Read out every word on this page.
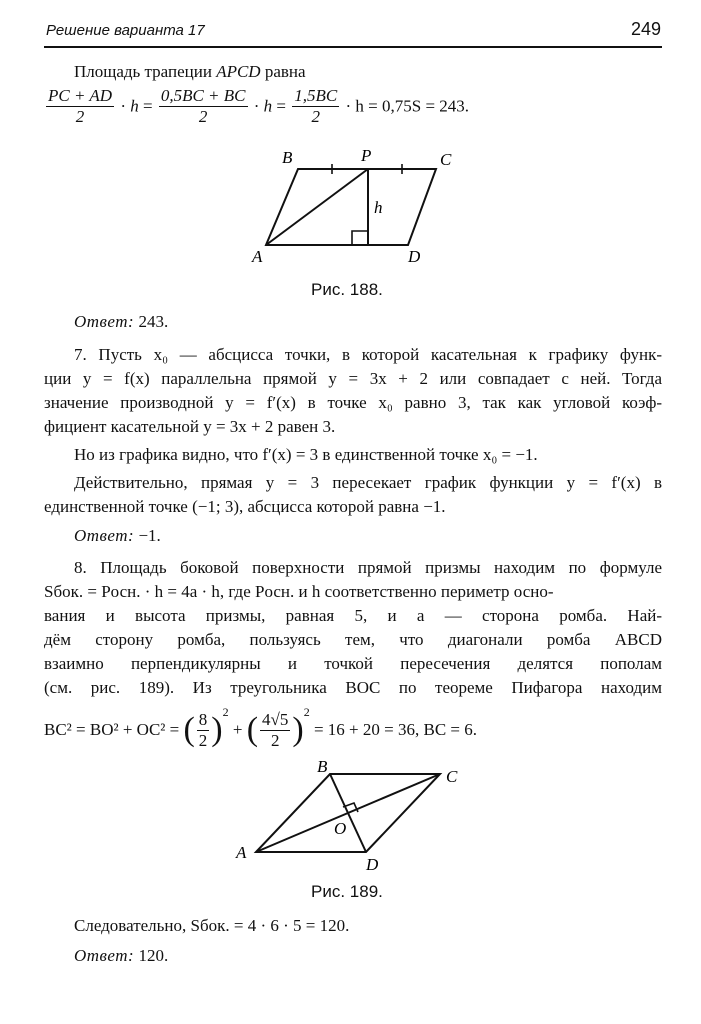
Решение варианта 17	249
Площадь трапеции APCD равна
$\frac{PC + AD}{2} \cdot h = \frac{0,5BC + BC}{2} \cdot h = \frac{1,5BC}{2} \cdot h = 0,75S = 243$.
B	P	C
A	D
h
Рис. 188.
Ответ: 243.
7. Пусть x₀ — абсцисса точки, в которой касательная к графику функ-
ции y = f(x) параллельна прямой y = 3x + 2 или совпадает с ней. Тогда
значение производной y = f′(x) в точке x₀ равно 3, так как угловой коэф-
фициент касательной y = 3x + 2 равен 3.
Но из графика видно, что f′(x) = 3 в единственной точке x₀ = −1.
Действительно, прямая y = 3 пересекает график функции y = f′(x) в
единственной точке (−1; 3), абсцисса которой равна −1.
Ответ: −1.
8. Площадь боковой поверхности прямой призмы находим по формуле
Sбок. = Pосн. · h = 4a · h, где Pосн. и h соответственно периметр осно-
вания и высота призмы, равная 5, и a — сторона ромба. Най-
дём сторону ромба, пользуясь тем, что диагонали ромба ABCD
взаимно перпендикулярны и точкой пересечения делятся пополам
(см. рис. 189). Из треугольника BOC по теореме Пифагора находим
BC² = BO² + OC² = ( $\frac{8}{2} )^2$ + ( $\frac{4√5}{2} )^2 = 16 + 20 = 36$, BC = 6.
B
C
A
D
O
Рис. 189.
Следовательно, Sбок. = 4 · 6 · 5 = 120.
Ответ: 120.
